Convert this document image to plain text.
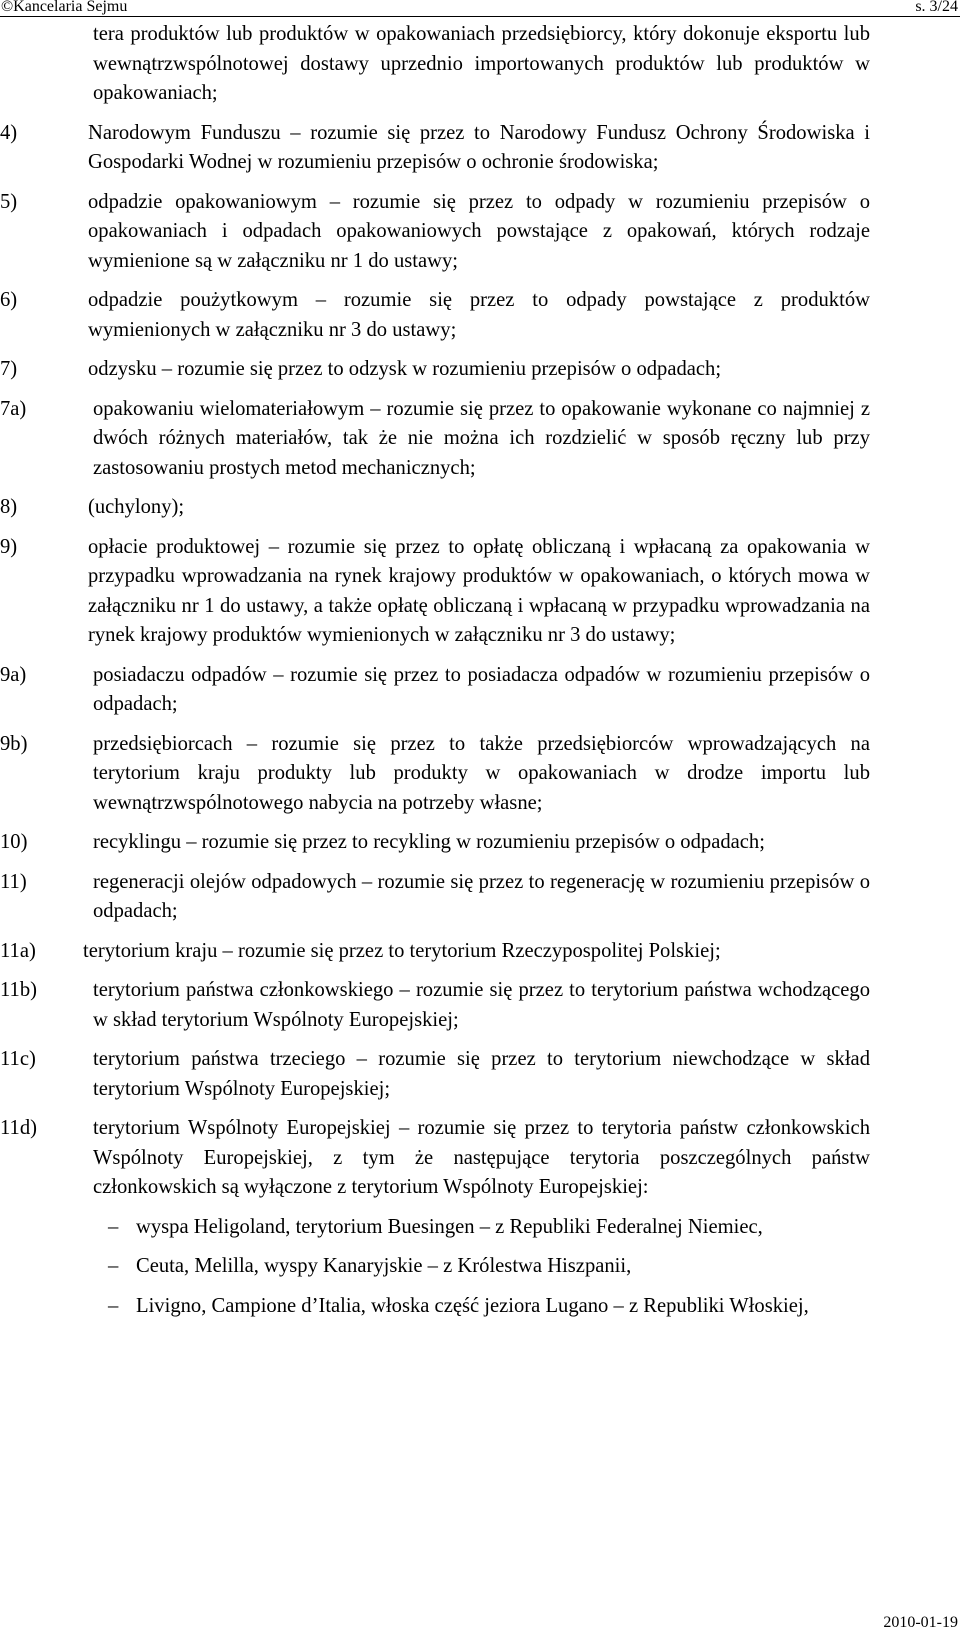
©Kancelaria Sejmu	s. 3/24

tera produktów lub produktów w opakowaniach przedsiębiorcy, który dokonuje eksportu lub wewnątrzwspólnotowej dostawy uprzednio importowanych produktów lub produktów w opakowaniach;

4)	Narodowym Funduszu – rozumie się przez to Narodowy Fundusz Ochrony Środowiska i Gospodarki Wodnej w rozumieniu przepisów o ochronie środowiska;
5)	odpadzie opakowaniowym – rozumie się przez to odpady w rozumieniu przepisów o opakowaniach i odpadach opakowaniowych powstające z opakowań, których rodzaje wymienione są w załączniku nr 1 do ustawy;
6)	odpadzie poużytkowym – rozumie się przez to odpady powstające z produktów wymienionych w załączniku nr 3 do ustawy;
7)	odzysku – rozumie się przez to odzysk w rozumieniu przepisów o odpadach;
7a)	opakowaniu wielomateriałowym – rozumie się przez to opakowanie wykonane co najmniej z dwóch różnych materiałów, tak że nie można ich rozdzielić w sposób ręczny lub przy zastosowaniu prostych metod mechanicznych;
8)	(uchylony);
9)	opłacie produktowej – rozumie się przez to opłatę obliczaną i wpłacaną za opakowania w przypadku wprowadzania na rynek krajowy produktów w opakowaniach, o których mowa w załączniku nr 1 do ustawy, a także opłatę obliczaną i wpłacaną w przypadku wprowadzania na rynek krajowy produktów wymienionych w załączniku nr 3 do ustawy;
9a)	posiadaczu odpadów – rozumie się przez to posiadacza odpadów w rozumieniu przepisów o odpadach;
9b)	przedsiębiorcach – rozumie się przez to także przedsiębiorców wprowadzających na terytorium kraju produkty lub produkty w opakowaniach w drodze importu lub wewnątrzwspólnotowego nabycia na potrzeby własne;
10)	recyklingu – rozumie się przez to recykling w rozumieniu przepisów o odpadach;
11)	regeneracji olejów odpadowych – rozumie się przez to regenerację w rozumieniu przepisów o odpadach;
11a)	terytorium kraju – rozumie się przez to terytorium Rzeczypospolitej Polskiej;
11b)	terytorium państwa członkowskiego – rozumie się przez to terytorium państwa wchodzącego w skład terytorium Wspólnoty Europejskiej;
11c)	terytorium państwa trzeciego – rozumie się przez to terytorium niewchodzące w skład terytorium Wspólnoty Europejskiej;
11d)	terytorium Wspólnoty Europejskiej – rozumie się przez to terytoria państw członkowskich Wspólnoty Europejskiej, z tym że następujące terytoria poszczególnych państw członkowskich są wyłączone z terytorium Wspólnoty Europejskiej:
– wyspa Heligoland, terytorium Buesingen – z Republiki Federalnej Niemiec,
– Ceuta, Melilla, wyspy Kanaryjskie – z Królestwa Hiszpanii,
– Livigno, Campione d’Italia, włoska część jeziora Lugano – z Republiki Włoskiej,
2010-01-19
